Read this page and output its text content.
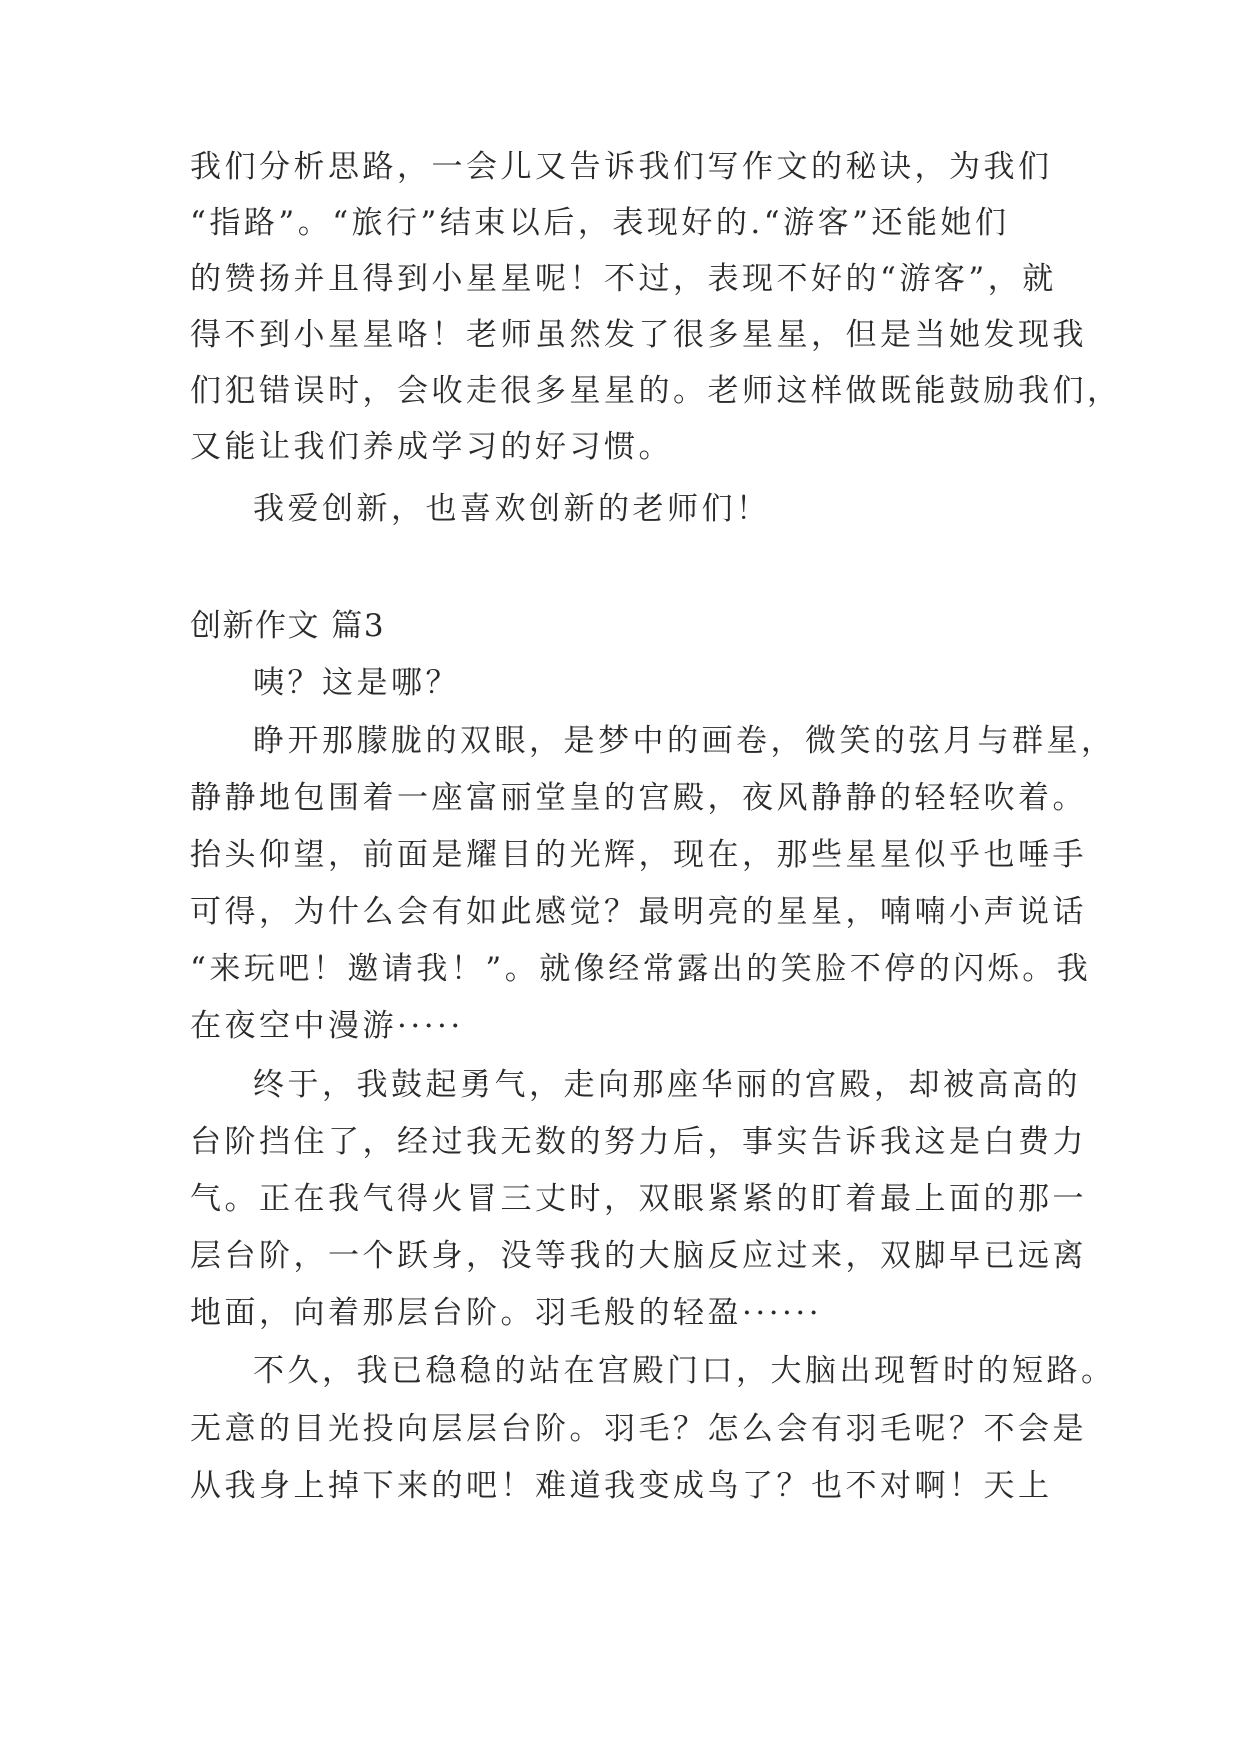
我们分析思路，一会儿又告诉我们写作文的秘诀，为我们
“指路”。“旅行”结束以后，表现好的.“游客”还能她们
的赞扬并且得到小星星呢！不过，表现不好的“游客”，就
得不到小星星咯！老师虽然发了很多星星，但是当她发现我
们犯错误时，会收走很多星星的。老师这样做既能鼓励我们，
又能让我们养成学习的好习惯。
我爱创新，也喜欢创新的老师们！
创新作文 篇3
咦？这是哪？
睁开那朦胧的双眼，是梦中的画卷，微笑的弦月与群星，
静静地包围着一座富丽堂皇的宫殿，夜风静静的轻轻吹着。
抬头仰望，前面是耀目的光辉，现在，那些星星似乎也唾手
可得，为什么会有如此感觉？最明亮的星星，喃喃小声说话
“来玩吧！邀请我！”。就像经常露出的笑脸不停的闪烁。我
在夜空中漫游·····
终于，我鼓起勇气，走向那座华丽的宫殿，却被高高的
台阶挡住了，经过我无数的努力后，事实告诉我这是白费力
气。正在我气得火冒三丈时，双眼紧紧的盯着最上面的那一
层台阶，一个跃身，没等我的大脑反应过来，双脚早已远离
地面，向着那层台阶。羽毛般的轻盈······
不久，我已稳稳的站在宫殿门口，大脑出现暂时的短路。
无意的目光投向层层台阶。羽毛？怎么会有羽毛呢？不会是
从我身上掉下来的吧！难道我变成鸟了？也不对啊！天上
